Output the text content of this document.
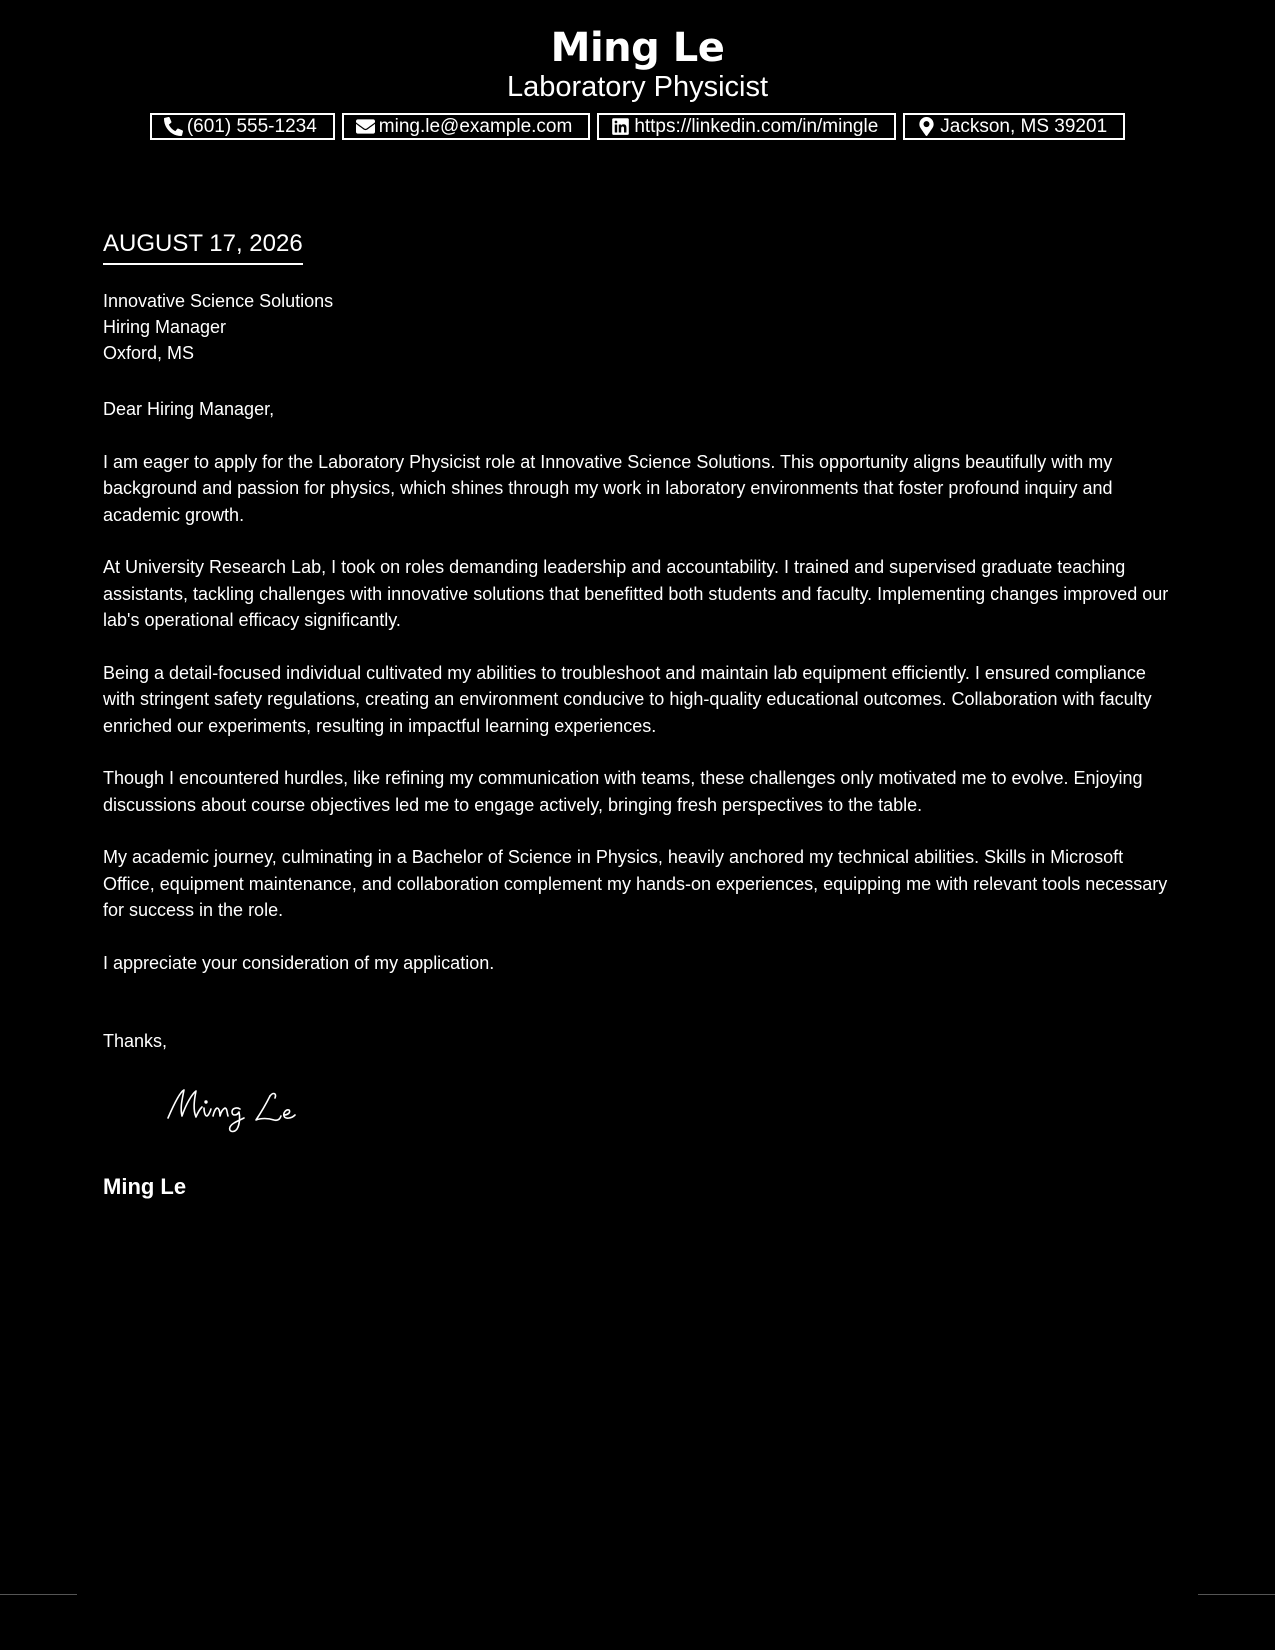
Ming Le
Laboratory Physicist
(601) 555-1234	ming.le@example.com	https://linkedin.com/in/mingle	Jackson, MS 39201
AUGUST 17, 2026
Innovative Science Solutions
Hiring Manager
Oxford, MS

Dear Hiring Manager,

I am eager to apply for the Laboratory Physicist role at Innovative Science Solutions. This opportunity aligns beautifully with my background and passion for physics, which shines through my work in laboratory environments that foster profound inquiry and academic growth.

At University Research Lab, I took on roles demanding leadership and accountability. I trained and supervised graduate teaching assistants, tackling challenges with innovative solutions that benefitted both students and faculty. Implementing changes improved our lab's operational efficacy significantly.

Being a detail-focused individual cultivated my abilities to troubleshoot and maintain lab equipment efficiently. I ensured compliance with stringent safety regulations, creating an environment conducive to high-quality educational outcomes. Collaboration with faculty enriched our experiments, resulting in impactful learning experiences.

Though I encountered hurdles, like refining my communication with teams, these challenges only motivated me to evolve. Enjoying discussions about course objectives led me to engage actively, bringing fresh perspectives to the table.

My academic journey, culminating in a Bachelor of Science in Physics, heavily anchored my technical abilities. Skills in Microsoft Office, equipment maintenance, and collaboration complement my hands-on experiences, equipping me with relevant tools necessary for success in the role.

I appreciate your consideration of my application.

Thanks,
Ming Le
